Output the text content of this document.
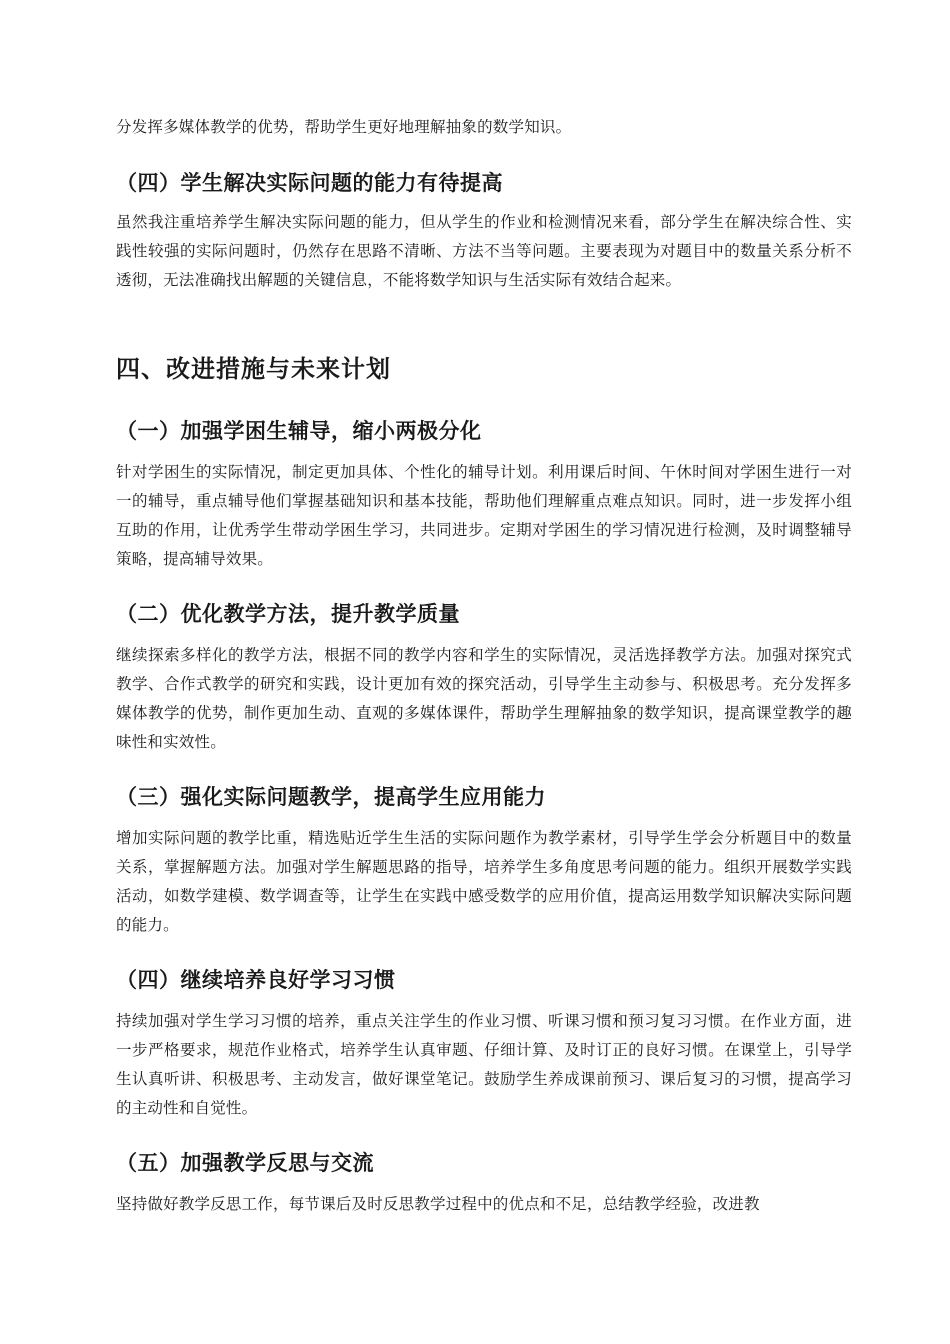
分发挥多媒体教学的优势，帮助学生更好地理解抽象的数学知识。

（四）学生解决实际问题的能力有待提高

虽然我注重培养学生解决实际问题的能力，但从学生的作业和检测情况来看，部分学生在解决综合性、实践性较强的实际问题时，仍然存在思路不清晰、方法不当等问题。主要表现为对题目中的数量关系分析不透彻，无法准确找出解题的关键信息，不能将数学知识与生活实际有效结合起来。

四、改进措施与未来计划
（一）加强学困生辅导，缩小两极分化

针对学困生的实际情况，制定更加具体、个性化的辅导计划。利用课后时间、午休时间对学困生进行一对一的辅导，重点辅导他们掌握基础知识和基本技能，帮助他们理解重点难点知识。同时，进一步发挥小组互助的作用，让优秀学生带动学困生学习，共同进步。定期对学困生的学习情况进行检测，及时调整辅导策略，提高辅导效果。

（二）优化教学方法，提升教学质量

继续探索多样化的教学方法，根据不同的教学内容和学生的实际情况，灵活选择教学方法。加强对探究式教学、合作式教学的研究和实践，设计更加有效的探究活动，引导学生主动参与、积极思考。充分发挥多媒体教学的优势，制作更加生动、直观的多媒体课件，帮助学生理解抽象的数学知识，提高课堂教学的趣味性和实效性。

（三）强化实际问题教学，提高学生应用能力

增加实际问题的教学比重，精选贴近学生生活的实际问题作为教学素材，引导学生学会分析题目中的数量关系，掌握解题方法。加强对学生解题思路的指导，培养学生多角度思考问题的能力。组织开展数学实践活动，如数学建模、数学调查等，让学生在实践中感受数学的应用价值，提高运用数学知识解决实际问题的能力。

（四）继续培养良好学习习惯

持续加强对学生学习习惯的培养，重点关注学生的作业习惯、听课习惯和预习复习习惯。在作业方面，进一步严格要求，规范作业格式，培养学生认真审题、仔细计算、及时订正的良好习惯。在课堂上，引导学生认真听讲、积极思考、主动发言，做好课堂笔记。鼓励学生养成课前预习、课后复习的习惯，提高学习的主动性和自觉性。

（五）加强教学反思与交流

坚持做好教学反思工作，每节课后及时反思教学过程中的优点和不足，总结教学经验，改进教
